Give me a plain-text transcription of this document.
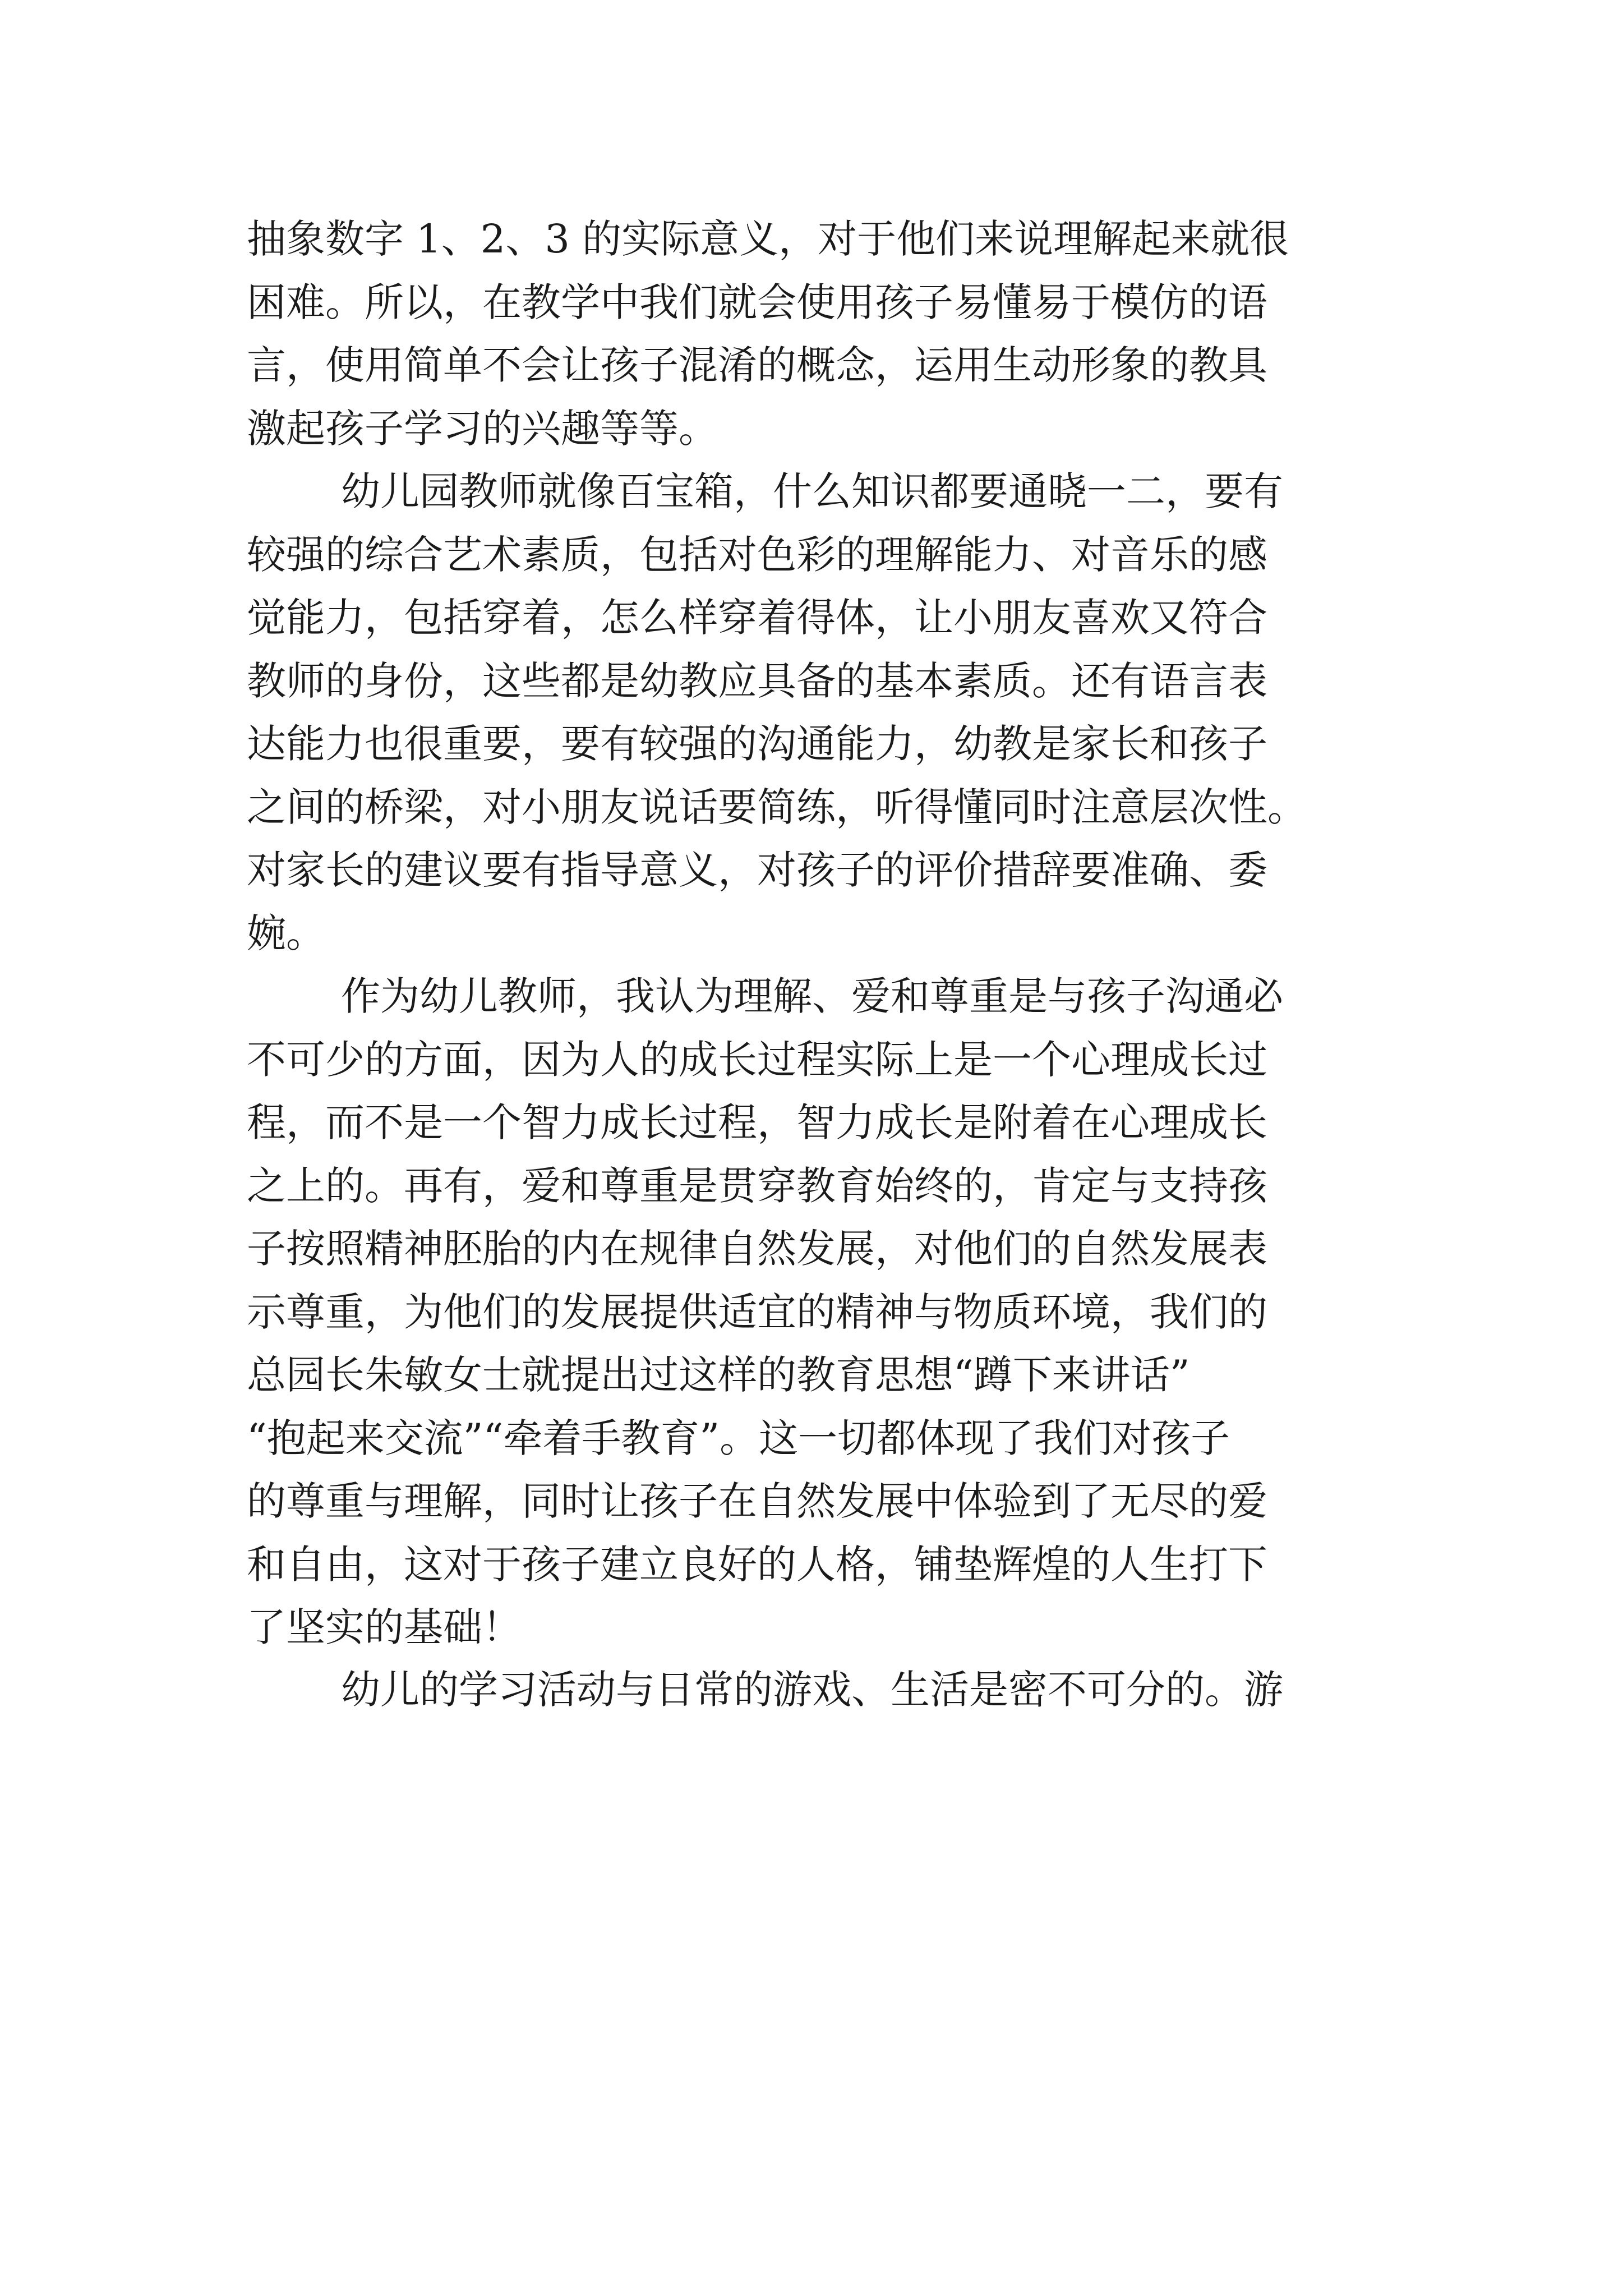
抽象数字 1、2、3 的实际意义，对于他们来说理解起来就很
困难。所以，在教学中我们就会使用孩子易懂易于模仿的语
言，使用简单不会让孩子混淆的概念，运用生动形象的教具
激起孩子学习的兴趣等等。
幼儿园教师就像百宝箱，什么知识都要通晓一二，要有
较强的综合艺术素质，包括对色彩的理解能力、对音乐的感
觉能力，包括穿着，怎么样穿着得体，让小朋友喜欢又符合
教师的身份，这些都是幼教应具备的基本素质。还有语言表
达能力也很重要，要有较强的沟通能力，幼教是家长和孩子
之间的桥梁，对小朋友说话要简练，听得懂同时注意层次性。
对家长的建议要有指导意义，对孩子的评价措辞要准确、委
婉。
作为幼儿教师，我认为理解、爱和尊重是与孩子沟通必
不可少的方面，因为人的成长过程实际上是一个心理成长过
程，而不是一个智力成长过程，智力成长是附着在心理成长
之上的。再有，爱和尊重是贯穿教育始终的，肯定与支持孩
子按照精神胚胎的内在规律自然发展，对他们的自然发展表
示尊重，为他们的发展提供适宜的精神与物质环境，我们的
总园长朱敏女士就提出过这样的教育思想“蹲下来讲话”
“抱起来交流”“牵着手教育”。这一切都体现了我们对孩子
的尊重与理解，同时让孩子在自然发展中体验到了无尽的爱
和自由，这对于孩子建立良好的人格，铺垫辉煌的人生打下
了坚实的基础！
幼儿的学习活动与日常的游戏、生活是密不可分的。游
